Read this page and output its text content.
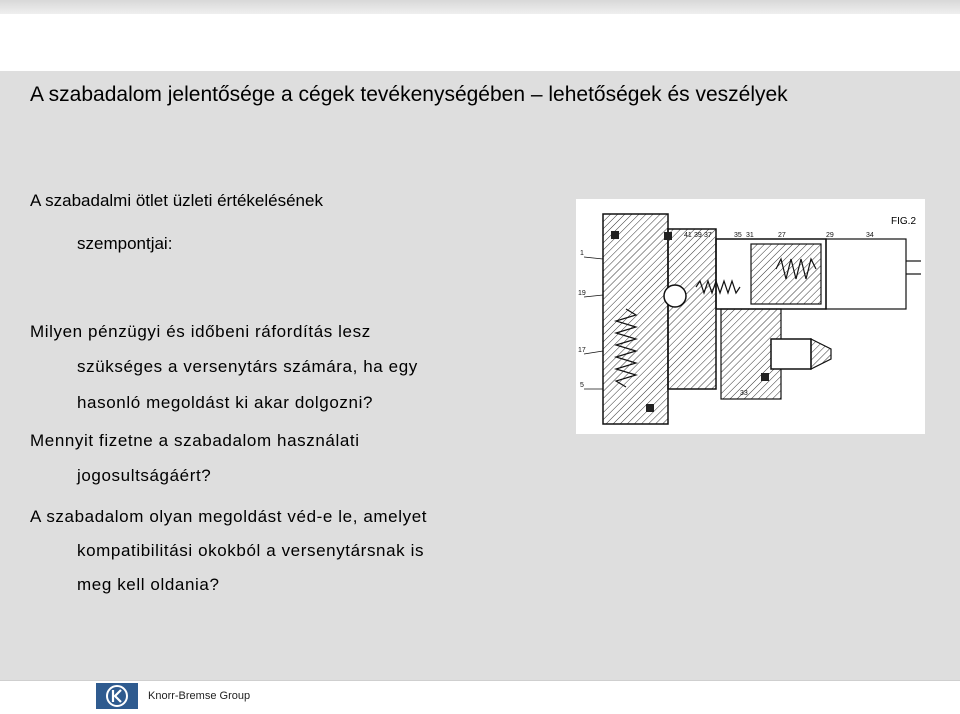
A szabadalom jelentősége a cégek tevékenységében – lehetőségek és veszélyek
A szabadalmi ötlet üzleti értékelésének
szempontjai:
Milyen pénzügyi és időbeni ráfordítás lesz
szükséges a versenytárs számára, ha egy
hasonló megoldást ki akar dolgozni?
Mennyit fizetne a szabadalom használati
jogosultságáért?
A szabadalom olyan megoldást véd-e le, amelyet
kompatibilitási okokból a versenytársnak is
meg kell oldania?
FIG.2
41 39 37	35 31	27	29	34
1
19
17
5
33
Knorr-Bremse Group
